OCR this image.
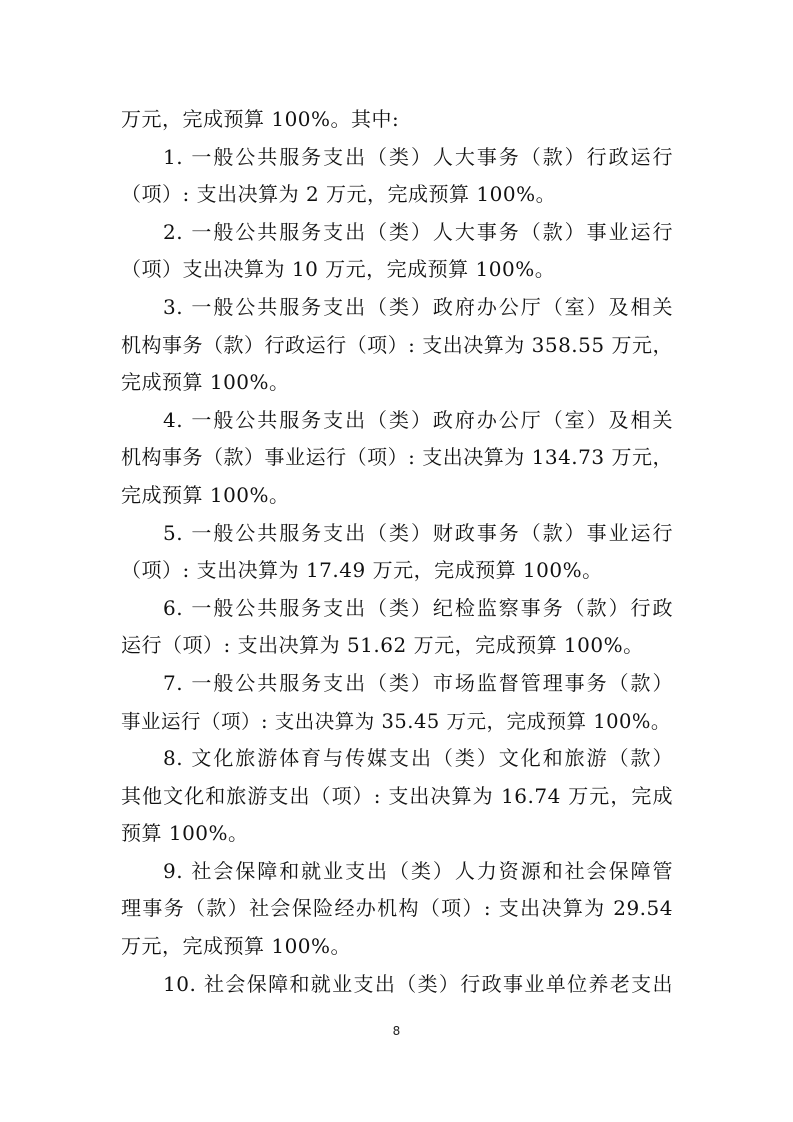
万元，完成预算 100%。其中:
1. 一般公共服务支出（类）人大事务（款）行政运行
（项）: 支出决算为 2 万元，完成预算 100%。
2. 一般公共服务支出（类）人大事务（款）事业运行
（项）支出决算为 10 万元，完成预算 100%。
3. 一般公共服务支出（类）政府办公厅（室）及相关
机构事务（款）行政运行（项）: 支出决算为 358.55 万元，
完成预算 100%。
4. 一般公共服务支出（类）政府办公厅（室）及相关
机构事务（款）事业运行（项）: 支出决算为 134.73 万元，
完成预算 100%。
5. 一般公共服务支出（类）财政事务（款）事业运行
（项）: 支出决算为 17.49 万元，完成预算 100%。
6. 一般公共服务支出（类）纪检监察事务（款）行政
运行（项）: 支出决算为 51.62 万元，完成预算 100%。
7. 一般公共服务支出（类）市场监督管理事务（款）
事业运行（项）: 支出决算为 35.45 万元，完成预算 100%。
8. 文化旅游体育与传媒支出（类）文化和旅游（款）
其他文化和旅游支出（项）: 支出决算为 16.74 万元，完成
预算 100%。
9. 社会保障和就业支出（类）人力资源和社会保障管
理事务（款）社会保险经办机构（项）: 支出决算为 29.54
万元，完成预算 100%。
10. 社会保障和就业支出（类）行政事业单位养老支出
8
